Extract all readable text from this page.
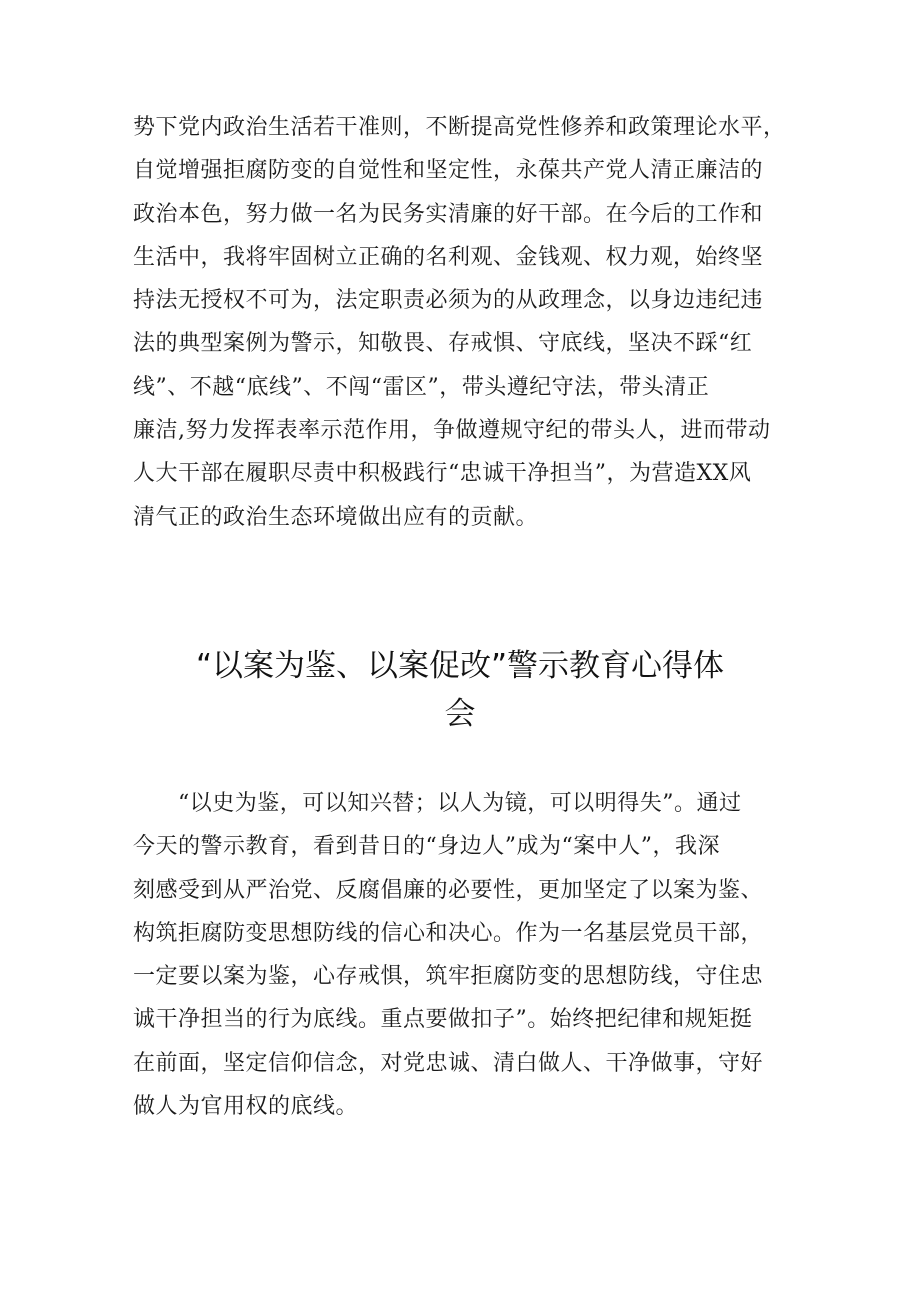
势下党内政治生活若干准则，不断提高党性修养和政策理论水平，
自觉增强拒腐防变的自觉性和坚定性，永葆共产党人清正廉洁的
政治本色，努力做一名为民务实清廉的好干部。在今后的工作和
生活中，我将牢固树立正确的名利观、金钱观、权力观，始终坚
持法无授权不可为，法定职责必须为的从政理念，以身边违纪违
法的典型案例为警示，知敬畏、存戒惧、守底线，坚决不踩“红
线”、不越“底线”、不闯“雷区”，带头遵纪守法，带头清正
廉洁,努力发挥表率示范作用，争做遵规守纪的带头人，进而带动
人大干部在履职尽责中积极践行“忠诚干净担当”，为营造XX风
清气正的政治生态环境做出应有的贡献。
“以案为鉴、以案促改”警示教育心得体
会
　　“以史为鉴，可以知兴替；以人为镜，可以明得失”。通过
今天的警示教育，看到昔日的“身边人”成为“案中人”，我深
刻感受到从严治党、反腐倡廉的必要性，更加坚定了以案为鉴、
构筑拒腐防变思想防线的信心和决心。作为一名基层党员干部，
一定要以案为鉴，心存戒惧，筑牢拒腐防变的思想防线，守住忠
诚干净担当的行为底线。重点要做扣子”。始终把纪律和规矩挺
在前面，坚定信仰信念，对党忠诚、清白做人、干净做事，守好
做人为官用权的底线。
